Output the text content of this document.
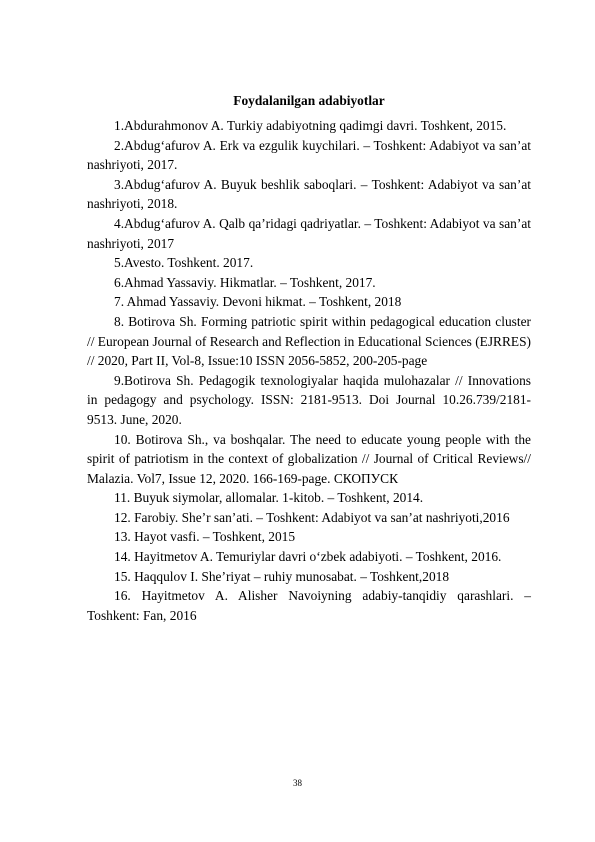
Foydalanilgan adabiyotlar

1.Abdurahmonov A. Turkiy adabiyotning qadimgi davri. Toshkent, 2015.

2.Abdug‘afurov A. Erk va ezgulik kuychilari. – Toshkent: Adabiyot va san’at nashriyoti, 2017.

3.Abdug‘afurov A. Buyuk beshlik saboqlari. – Toshkent: Adabiyot va san’at nashriyoti, 2018.

4.Abdug‘afurov A. Qalb qa’ridagi qadriyatlar. – Toshkent: Adabiyot va san’at nashriyoti, 2017

5.Avesto. Toshkent. 2017.

6.Ahmad Yassaviy. Hikmatlar. – Toshkent, 2017.

7. Ahmad Yassaviy. Devoni hikmat. – Toshkent, 2018

8. Botirova Sh. Forming patriotic spirit within pedagogical education cluster // European Journal of Research and Reflection in Educational Sciences (EJRRES) // 2020, Part II, Vol-8, Issue:10 ISSN 2056-5852, 200-205-page

9.Botirova Sh. Pedagogik texnologiyalar haqida mulohazalar // Innovations in pedagogy and psychology. ISSN: 2181-9513. Doi Journal 10.26.739/2181- 9513. June, 2020.

10. Botirova Sh., va boshqalar. The need to educate young people with the spirit of patriotism in the context of globalization // Journal of Critical Reviews// Malazia. Vol7, Issue 12, 2020. 166-169-page. СКОПУСК

11. Buyuk siymolar, allomalar. 1-kitob. – Toshkent, 2014.

12. Farobiy. She’r san’ati. – Toshkent: Adabiyot va san’at nashriyoti,2016

13. Hayot vasfi. – Toshkent, 2015

14. Hayitmetov A. Temuriylar davri o‘zbek adabiyoti. – Toshkent, 2016.

15. Haqqulov I. She’riyat – ruhiy munosabat. – Toshkent,2018

16. Hayitmetov A. Alisher Navoiyning adabiy-tanqidiy qarashlari. – Toshkent: Fan, 2016

38
